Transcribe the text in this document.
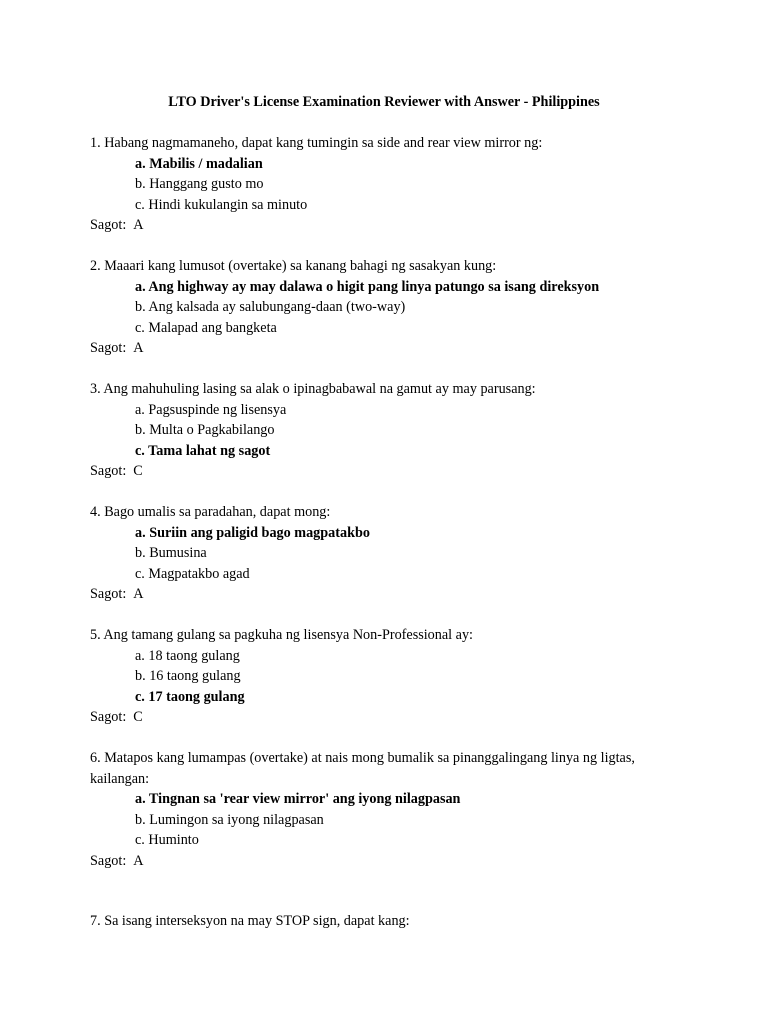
LTO Driver's License Examination Reviewer with Answer - Philippines

1. Habang nagmamaneho, dapat kang tumingin sa side and rear view mirror ng:

a. Mabilis / madalian

b. Hanggang gusto mo

c. Hindi kukulangin sa minuto

Sagot: A

2. Maaari kang lumusot (overtake) sa kanang bahagi ng sasakyan kung:

a. Ang highway ay may dalawa o higit pang linya patungo sa isang direksyon

b. Ang kalsada ay salubungang-daan (two-way)

c. Malapad ang bangketa

Sagot: A

3. Ang mahuhuling lasing sa alak o ipinagbabawal na gamut ay may parusang:

a. Pagsuspinde ng lisensya

b. Multa o Pagkabilango

c. Tama lahat ng sagot

Sagot: C

4. Bago umalis sa paradahan, dapat mong:

a. Suriin ang paligid bago magpatakbo

b. Bumusina

c. Magpatakbo agad

Sagot: A

5. Ang tamang gulang sa pagkuha ng lisensya Non-Professional ay:

a. 18 taong gulang

b. 16 taong gulang

c. 17 taong gulang

Sagot: C

6. Matapos kang lumampas (overtake) at nais mong bumalik sa pinanggalingang linya ng ligtas, kailangan:

a. Tingnan sa 'rear view mirror' ang iyong nilagpasan

b. Lumingon sa iyong nilagpasan

c. Huminto

Sagot: A

7. Sa isang interseksyon na may STOP sign, dapat kang:
